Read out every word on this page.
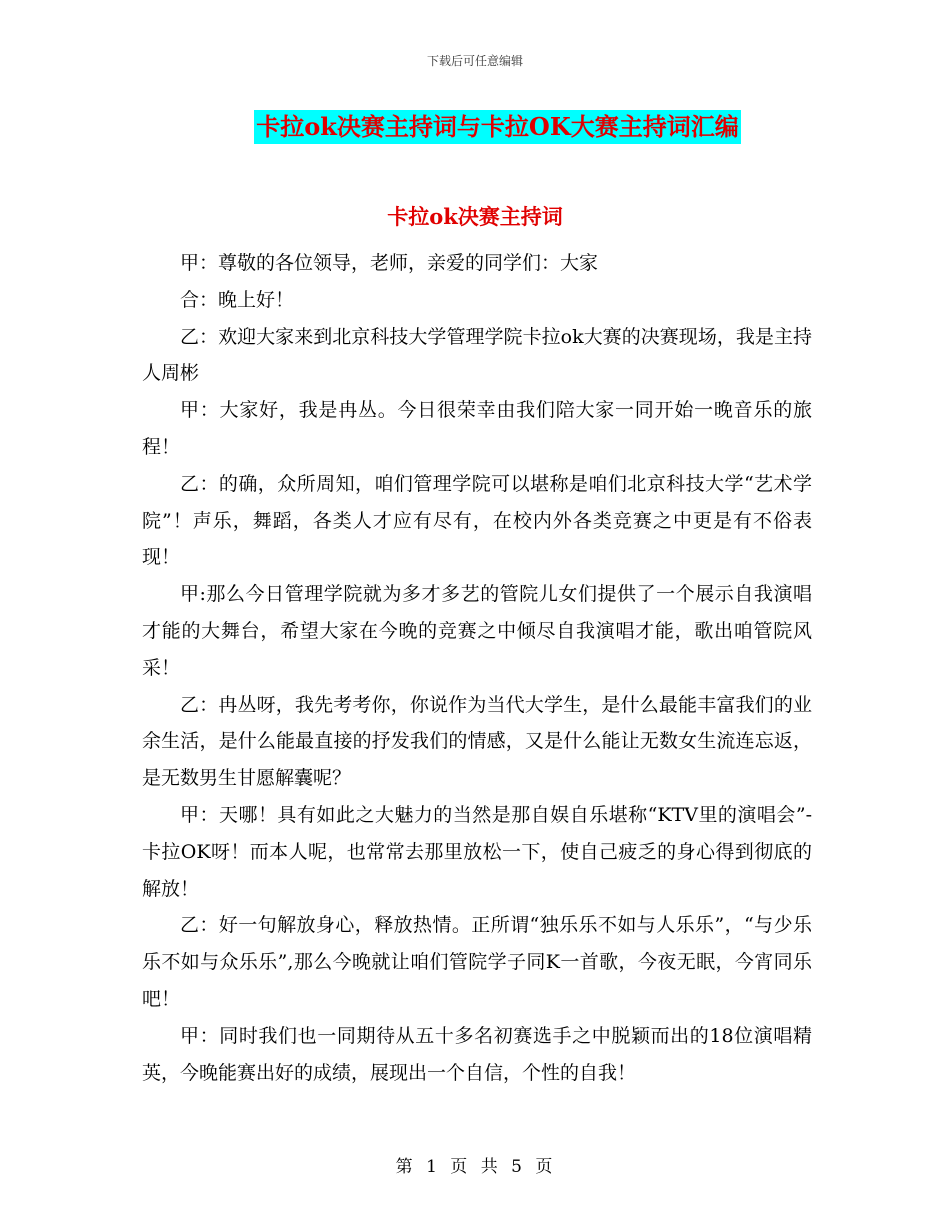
下载后可任意编辑
卡拉ok决赛主持词与卡拉OK大赛主持词汇编
卡拉ok决赛主持词

甲：尊敬的各位领导，老师，亲爱的同学们：大家

合：晚上好！

乙：欢迎大家来到北京科技大学管理学院卡拉ok大赛的决赛现场，我是主持人周彬

甲：大家好，我是冉丛。今日很荣幸由我们陪大家一同开始一晚音乐的旅程！

乙：的确，众所周知，咱们管理学院可以堪称是咱们北京科技大学“艺术学院”！声乐，舞蹈，各类人才应有尽有，在校内外各类竞赛之中更是有不俗表现！

甲:那么今日管理学院就为多才多艺的管院儿女们提供了一个展示自我演唱才能的大舞台，希望大家在今晚的竞赛之中倾尽自我演唱才能，歌出咱管院风采！

乙：冉丛呀，我先考考你，你说作为当代大学生，是什么最能丰富我们的业余生活，是什么能最直接的抒发我们的情感，又是什么能让无数女生流连忘返，是无数男生甘愿解囊呢？

甲：天哪！具有如此之大魅力的当然是那自娱自乐堪称“KTV里的演唱会”-卡拉OK呀！而本人呢，也常常去那里放松一下，使自己疲乏的身心得到彻底的解放！

乙：好一句解放身心，释放热情。正所谓“独乐乐不如与人乐乐”，“与少乐乐不如与众乐乐”,那么今晚就让咱们管院学子同K一首歌，今夜无眠，今宵同乐吧！

甲：同时我们也一同期待从五十多名初赛选手之中脱颖而出的18位演唱精英，今晚能赛出好的成绩，展现出一个自信，个性的自我！

第 1 页 共 5 页
